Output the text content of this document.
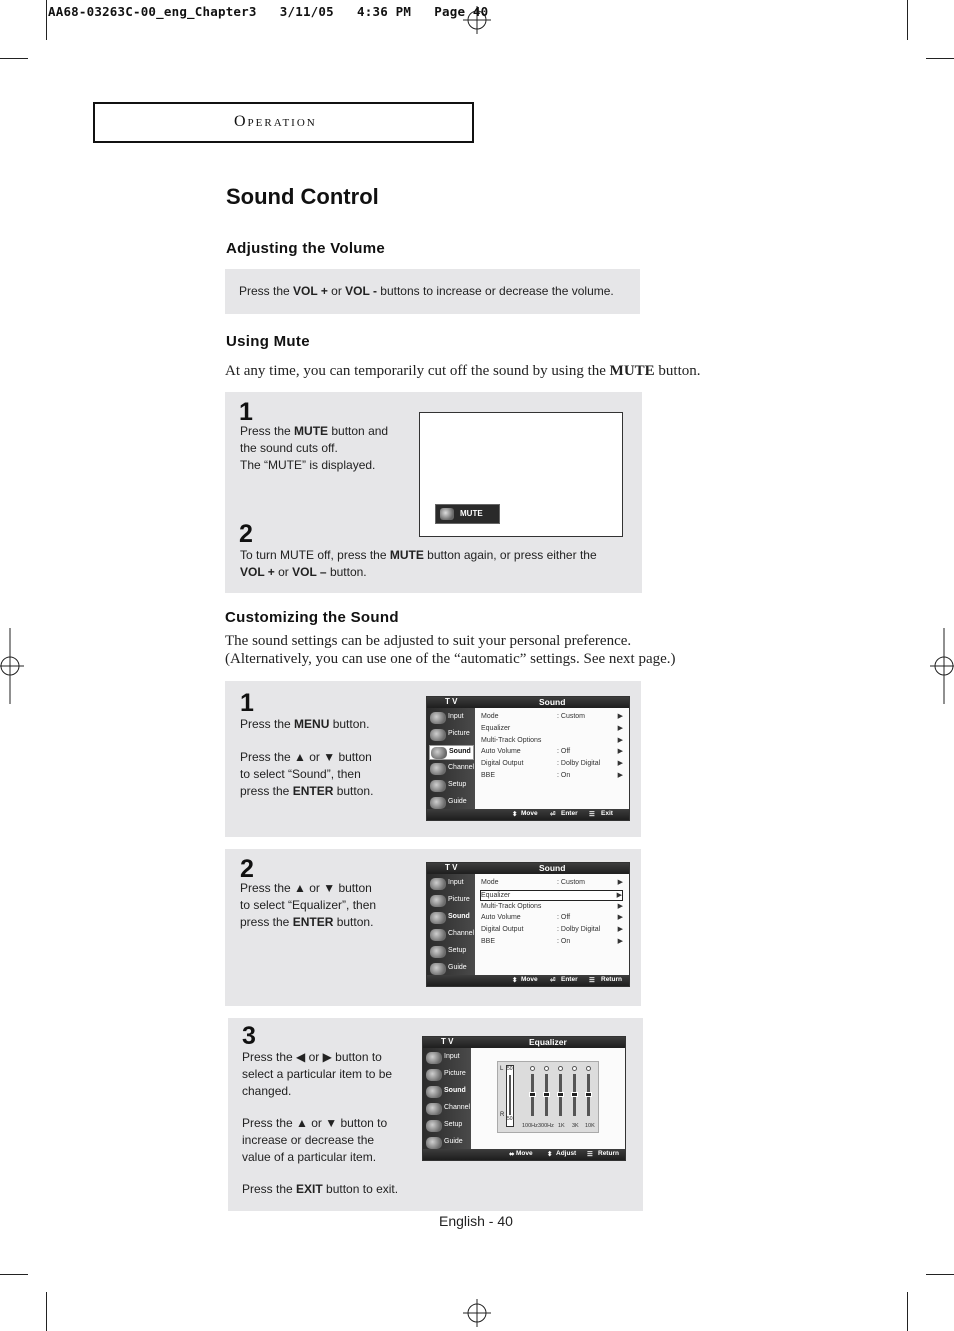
AA68-03263C-00_eng_Chapter3   3/11/05   4:36 PM   Page 40
Operation
Sound Control
Adjusting the Volume
Press the VOL + or VOL - buttons to increase or decrease the volume.
Using Mute
At any time, you can temporarily cut off the sound by using the MUTE button.
1
Press the MUTE button and
the sound cuts off.
The “MUTE” is displayed.
MUTE
2
To turn MUTE off, press the MUTE button again, or press either the
VOL + or VOL – button.
Customizing the Sound
The sound settings can be adjusted to suit your personal preference.
(Alternatively, you can use one of the “automatic” settings. See next page.)
1
Press the MENU button.
Press the ▲ or ▼ button
to select “Sound”, then
press the ENTER button.
T V	Sound
Input
Picture
Sound
Channel
Setup
Guide
Mode	: Custom	▶
Equalizer	▶
Multi-Track Options	▶
Auto Volume	: Off	▶
Digital Output	: Dolby Digital ▶
BBE	: On	▶
⬍ Move ⏎ Enter ☰ Exit
2
Press the ▲ or ▼ button
to select “Equalizer”, then
press the ENTER button.
T V	Sound
Input
Picture
Sound
Channel
Setup
Guide
Mode	: Custom	▶
Equalizer	▶
Multi-Track Options	▶
Auto Volume	: Off	▶
Digital Output	: Dolby Digital ▶
BBE	: On	▶
⬍ Move ⏎ Enter ☰ Return
3
Press the ◀ or ▶ button to
select a particular item to be
changed.
Press the ▲ or ▼ button to
increase or decrease the
value of a particular item.
Press the EXIT button to exit.
T V	Equalizer
Input
Picture
Sound
Channel
Setup
Guide
L
R
50
50
100Hz 300Hz 1K 3K 10K
⬌ Move ⬍ Adjust ☰ Return
English - 40
